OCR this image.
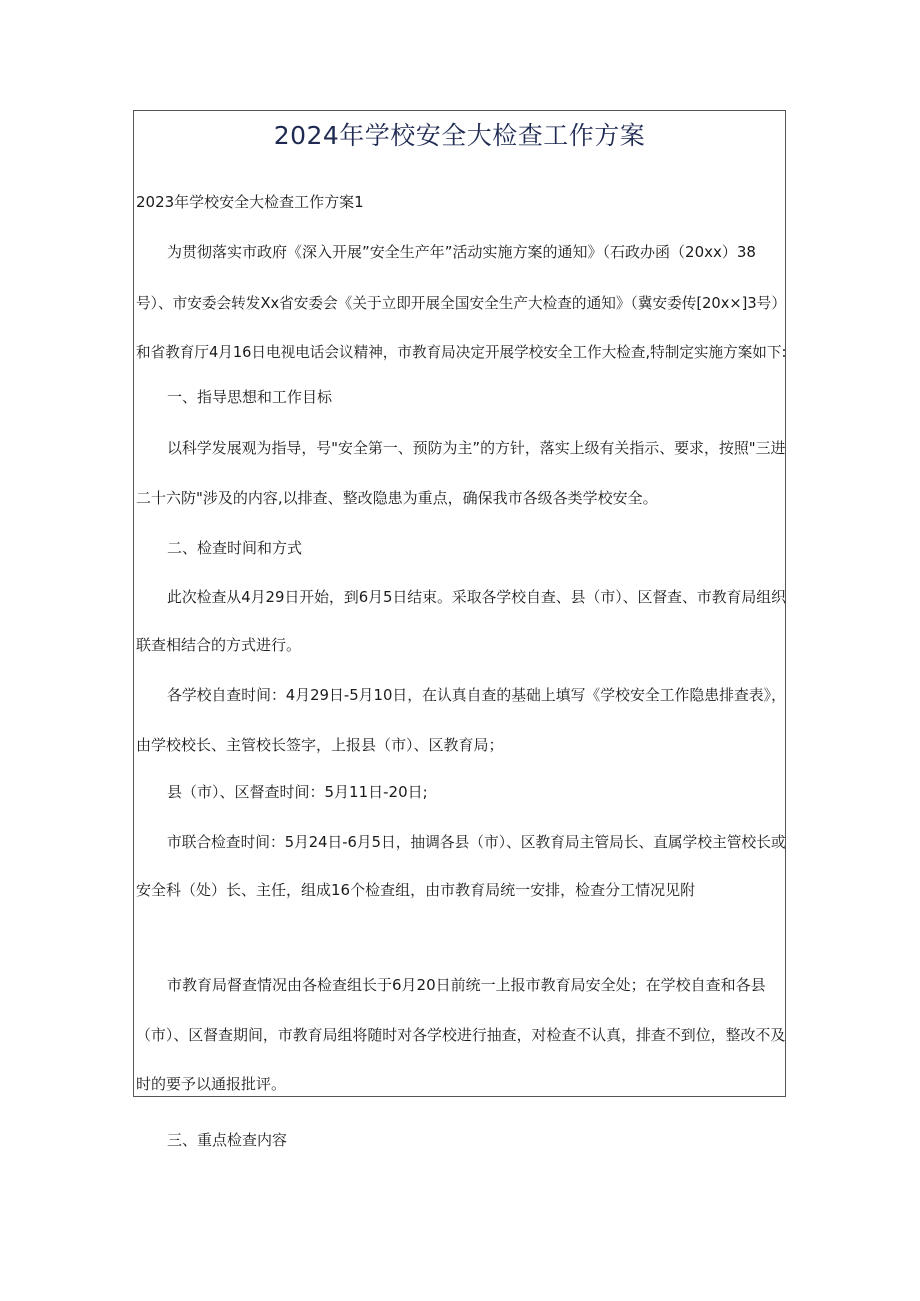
2024年学校安全大检查工作方案
2023年学校安全大检查工作方案1
为贯彻落实市政府《深入开展”安全生产年”活动实施方案的通知》（石政办函（20xx）38
号）、市安委会转发Xx省安委会《关于立即开展全国安全生产大检查的通知》（冀安委传[20x×]3号）
和省教育厅4月16日电视电话会议精神，市教育局决定开展学校安全工作大检查,特制定实施方案如下:
一、指导思想和工作目标
以科学发展观为指导，号"安全第一、预防为主”的方针，落实上级有关指示、要求，按照"三进
二十六防"涉及的内容,以排查、整改隐患为重点，确保我市各级各类学校安全。
二、检查时间和方式
此次检查从4月29日开始，到6月5日结束。采取各学校自查、县（市）、区督查、市教育局组织
联查相结合的方式进行。
各学校自查时间：4月29日-5月10日，在认真自查的基础上填写《学校安全工作隐患排查表》，
由学校校长、主管校长签字，上报县（市）、区教育局；
县（市）、区督查时间：5月11日-20日;
市联合检查时间：5月24日-6月5日，抽调各县（市）、区教育局主管局长、直属学校主管校长或
安全科（处）长、主任，组成16个检查组，由市教育局统一安排，检查分工情况见附
市教育局督查情况由各检查组长于6月20日前统一上报市教育局安全处；在学校自查和各县
（市）、区督查期间，市教育局组将随时对各学校进行抽查，对检查不认真，排查不到位，整改不及
时的要予以通报批评。
三、重点检查内容
